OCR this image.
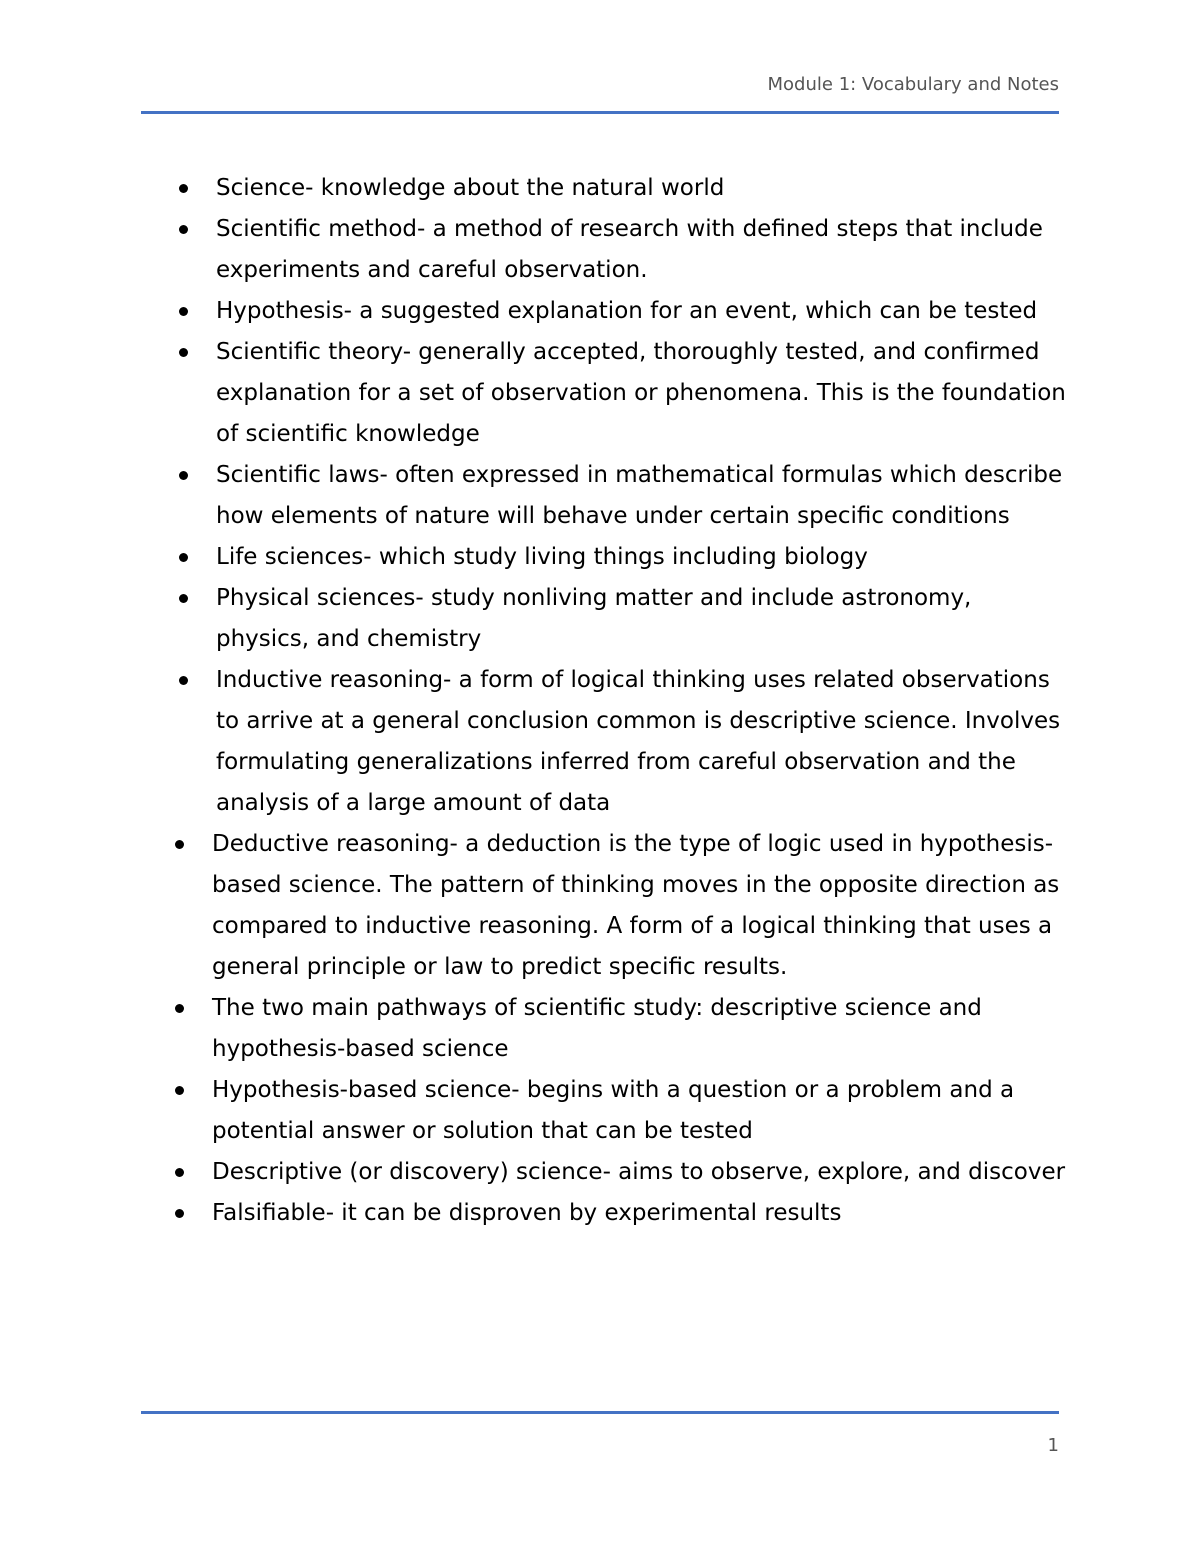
Module 1: Vocabulary and Notes
Science- knowledge about the natural world
Scientific method- a method of research with defined steps that include experiments and careful observation.
Hypothesis- a suggested explanation for an event, which can be tested
Scientific theory- generally accepted, thoroughly tested, and confirmed explanation for a set of observation or phenomena. This is the foundation of scientific knowledge
Scientific laws- often expressed in mathematical formulas which describe how elements of nature will behave under certain specific conditions
Life sciences- which study living things including biology
Physical sciences- study nonliving matter and include astronomy, physics, and chemistry
Inductive reasoning- a form of logical thinking uses related observations to arrive at a general conclusion common is descriptive science. Involves formulating generalizations inferred from careful observation and the analysis of a large amount of data
Deductive reasoning- a deduction is the type of logic used in hypothesis-based science. The pattern of thinking moves in the opposite direction as compared to inductive reasoning. A form of a logical thinking that uses a general principle or law to predict specific results.
The two main pathways of scientific study: descriptive science and hypothesis-based science
Hypothesis-based science- begins with a question or a problem and a potential answer or solution that can be tested
Descriptive (or discovery) science- aims to observe, explore, and discover
Falsifiable- it can be disproven by experimental results
1
